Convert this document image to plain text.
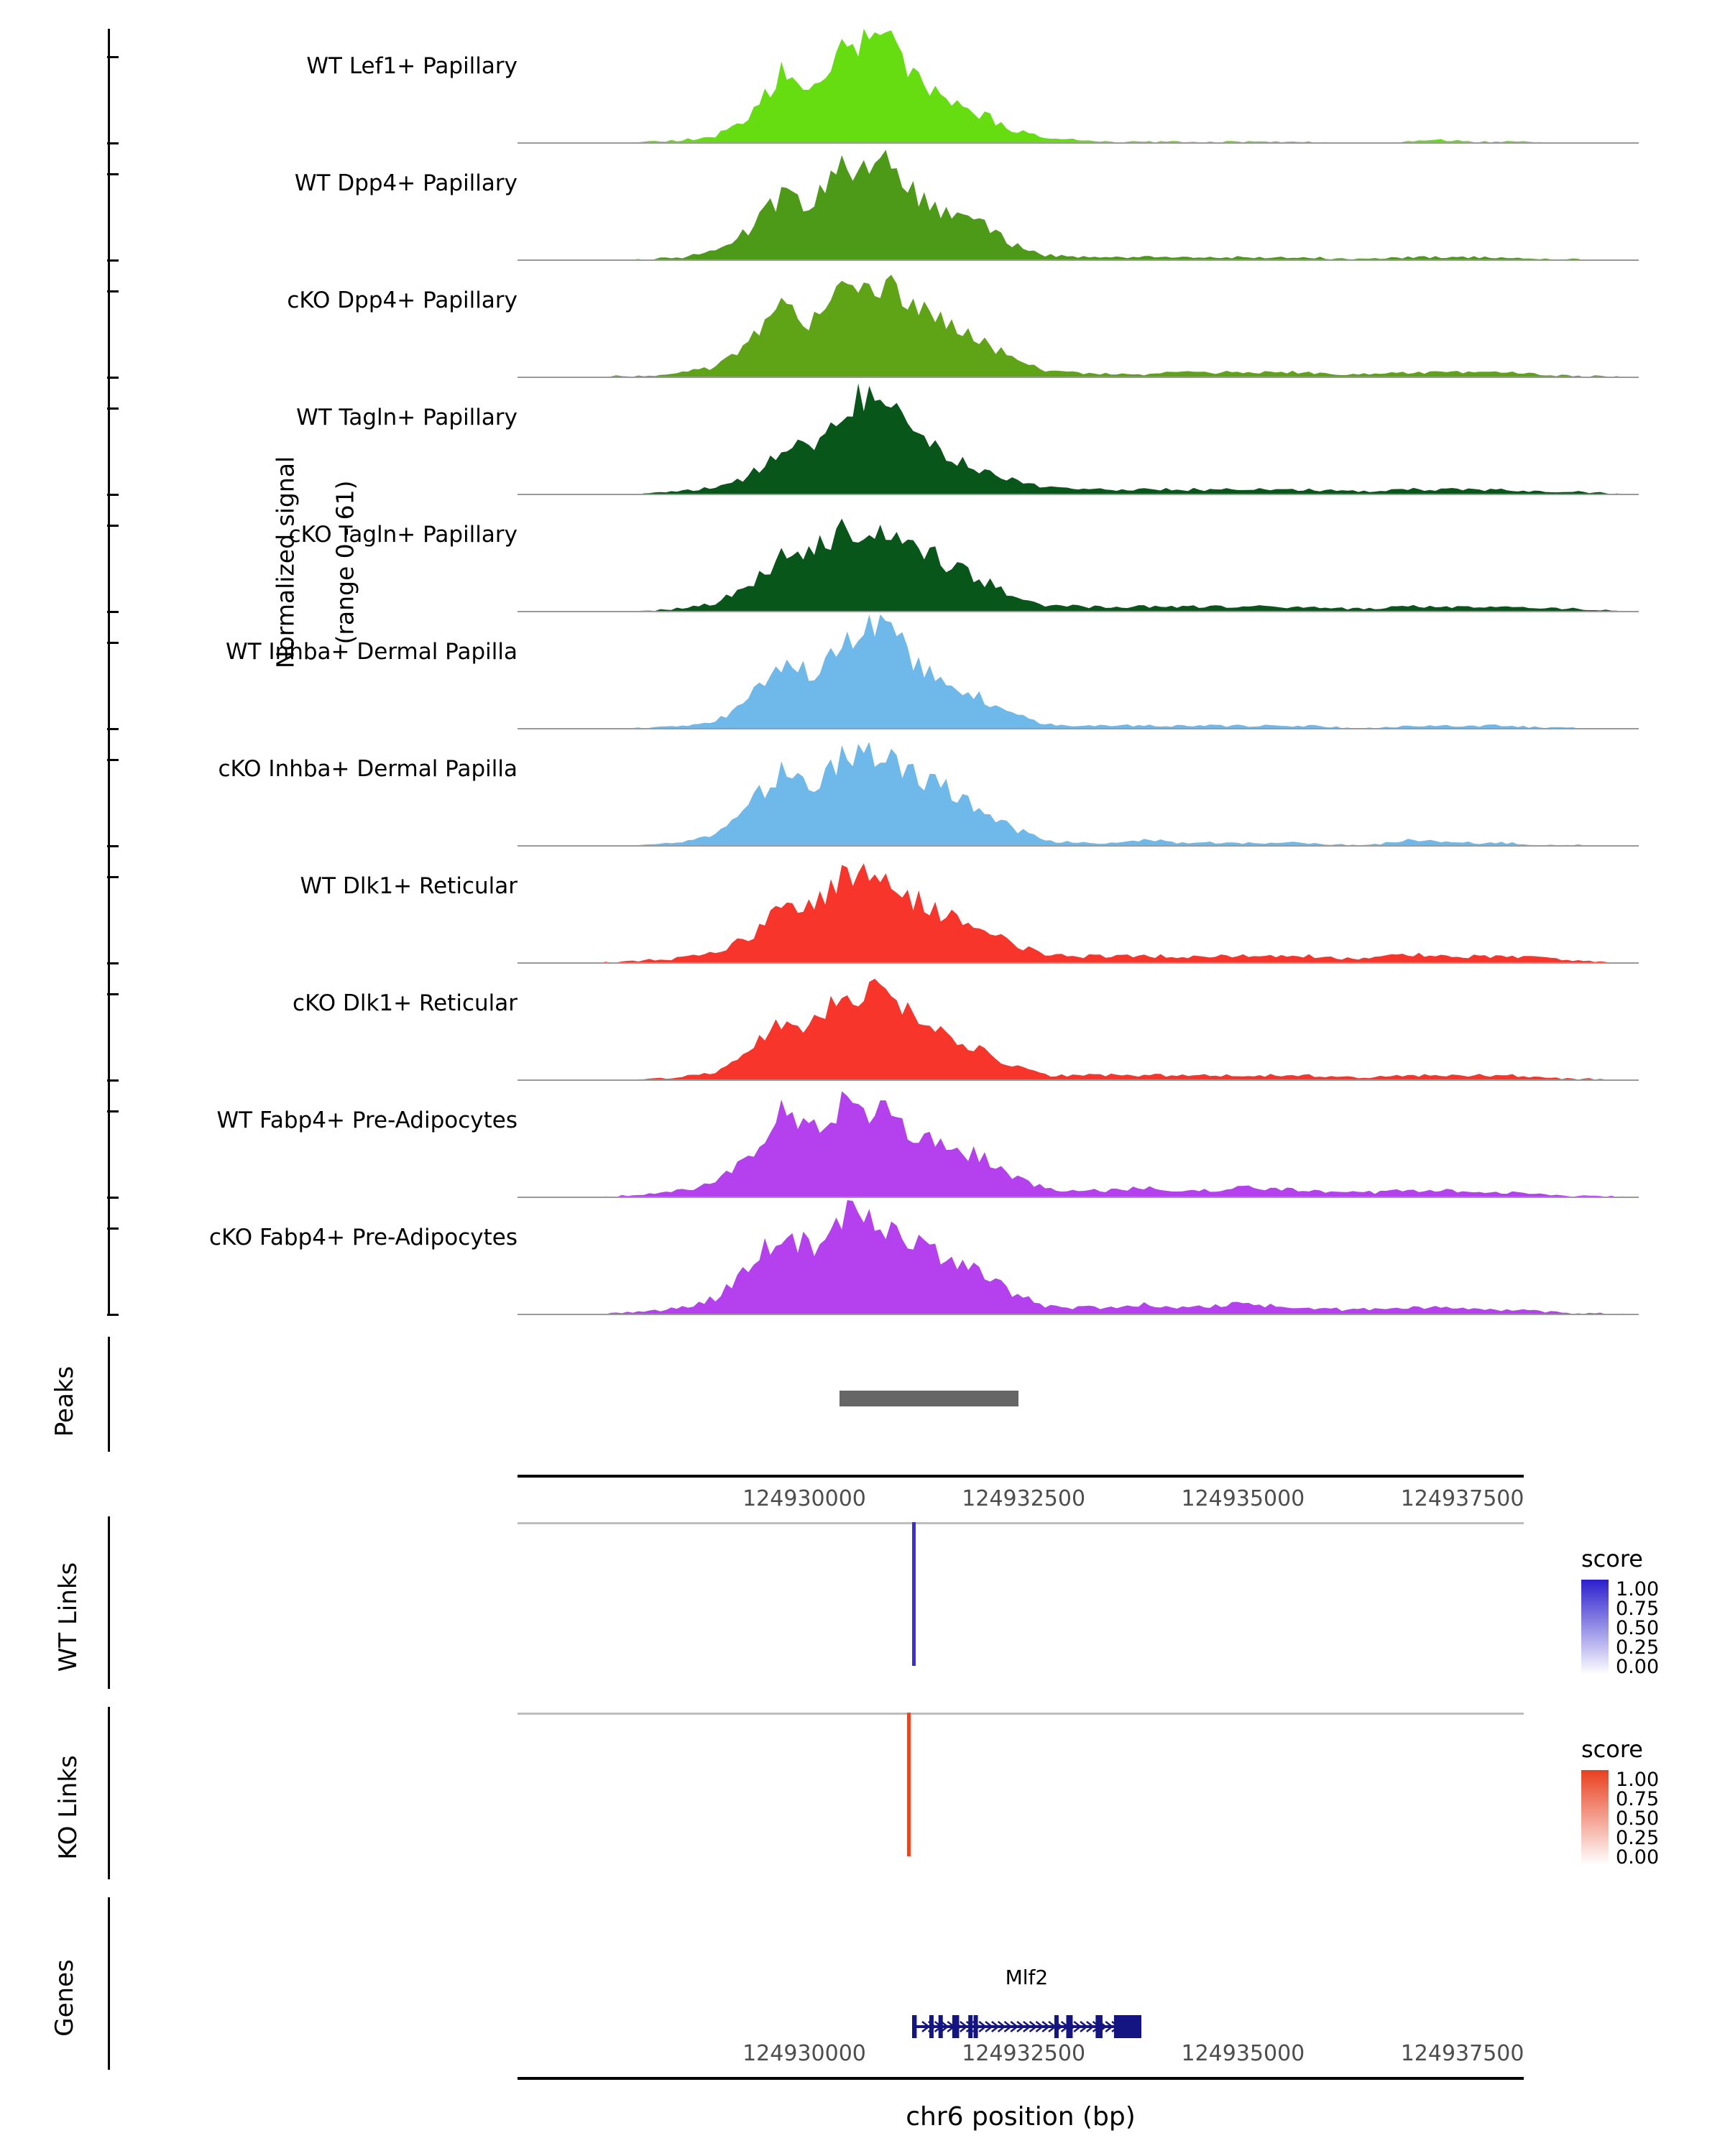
Normalized signal (range 0 - 61)

WT Lef1+ Papillary
WT Dpp4+ Papillary
cKO Dpp4+ Papillary
WT Tagln+ Papillary
cKO Tagln+ Papillary
WT Inhba+ Dermal Papilla
cKO Inhba+ Dermal Papilla
WT Dlk1+ Reticular
cKO Dlk1+ Reticular
WT Fabp4+ Pre-Adipocytes
cKO Fabp4+ Pre-Adipocytes
Peaks
124930000	124932500	124935000	124937500
WT Links
KO Links
Genes	Mlf2
124930000	124932500	124935000	124937500
chr6 position (bp)
score
1.00
0.75
0.50
0.25
0.00
score
1.00
0.75
0.50
0.25
0.00
